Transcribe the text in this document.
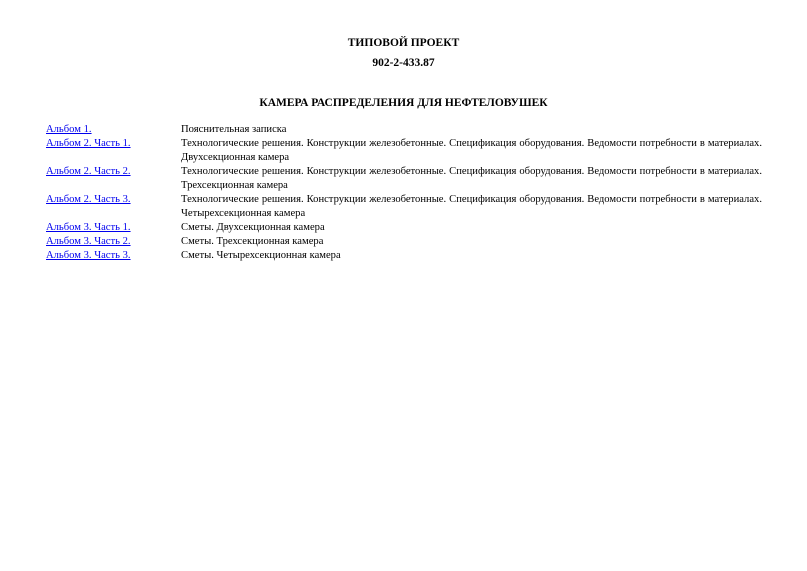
ТИПОВОЙ ПРОЕКТ
902-2-433.87
КАМЕРА РАСПРЕДЕЛЕНИЯ ДЛЯ НЕФТЕЛОВУШЕК
Альбом 1.	Пояснительная записка
Альбом 2. Часть 1.	Технологические решения. Конструкции железобетонные. Спецификация оборудования. Ведомости потребности в материалах. Двухсекционная камера
Альбом 2. Часть 2.	Технологические решения. Конструкции железобетонные. Спецификация оборудования. Ведомости потребности в материалах. Трехсекционная камера
Альбом 2. Часть 3.	Технологические решения. Конструкции железобетонные. Спецификация оборудования. Ведомости потребности в материалах. Четырехсекционная камера
Альбом 3. Часть 1.	Сметы. Двухсекционная камера
Альбом 3. Часть 2.	Сметы. Трехсекционная камера
Альбом 3. Часть 3.	Сметы. Четырехсекционная камера
